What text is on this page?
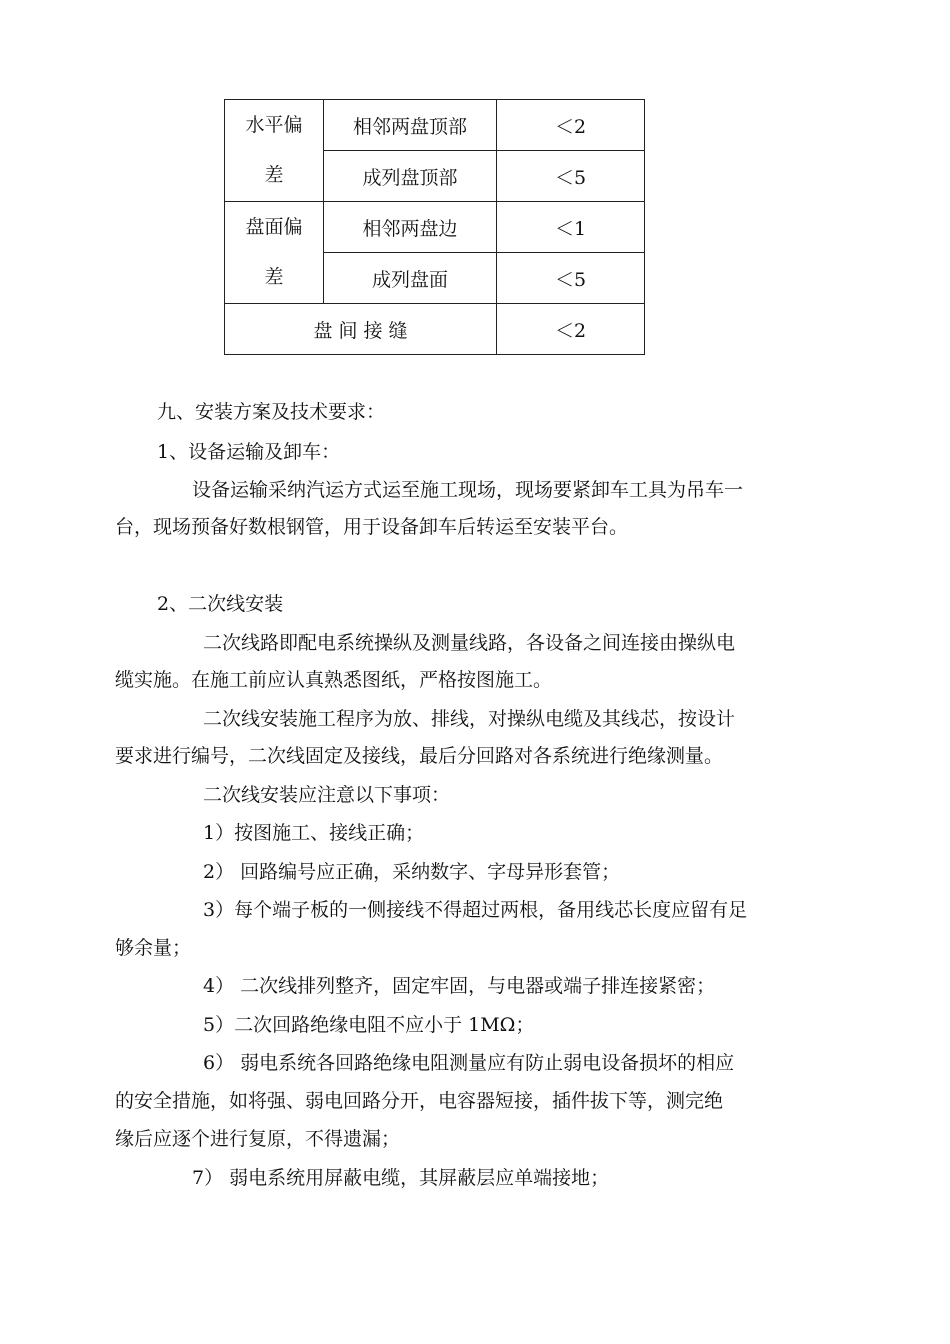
水平偏
差	相邻两盘顶部	＜2
	成列盘顶部	＜5

盘面偏
差	相邻两盘边	＜1
	成列盘面	＜5
盘 间 接 缝		＜2
九、安装方案及技术要求：
1、设备运输及卸车：
设备运输采纳汽运方式运至施工现场，现场要紧卸车工具为吊车一
台，现场预备好数根钢管，用于设备卸车后转运至安装平台。
2、二次线安装
二次线路即配电系统操纵及测量线路，各设备之间连接由操纵电
缆实施。在施工前应认真熟悉图纸，严格按图施工。
二次线安装施工程序为放、排线，对操纵电缆及其线芯，按设计
要求进行编号，二次线固定及接线，最后分回路对各系统进行绝缘测量。
二次线安装应注意以下事项：
1）按图施工、接线正确；
2） 回路编号应正确，采纳数字、字母异形套管；
3）每个端子板的一侧接线不得超过两根，备用线芯长度应留有足
够余量；
4） 二次线排列整齐，固定牢固，与电器或端子排连接紧密；
5）二次回路绝缘电阻不应小于 1MΩ；
6） 弱电系统各回路绝缘电阻测量应有防止弱电设备损坏的相应
的安全措施，如将强、弱电回路分开，电容器短接，插件拔下等，测完绝
缘后应逐个进行复原，不得遗漏；
7） 弱电系统用屏蔽电缆，其屏蔽层应单端接地；
